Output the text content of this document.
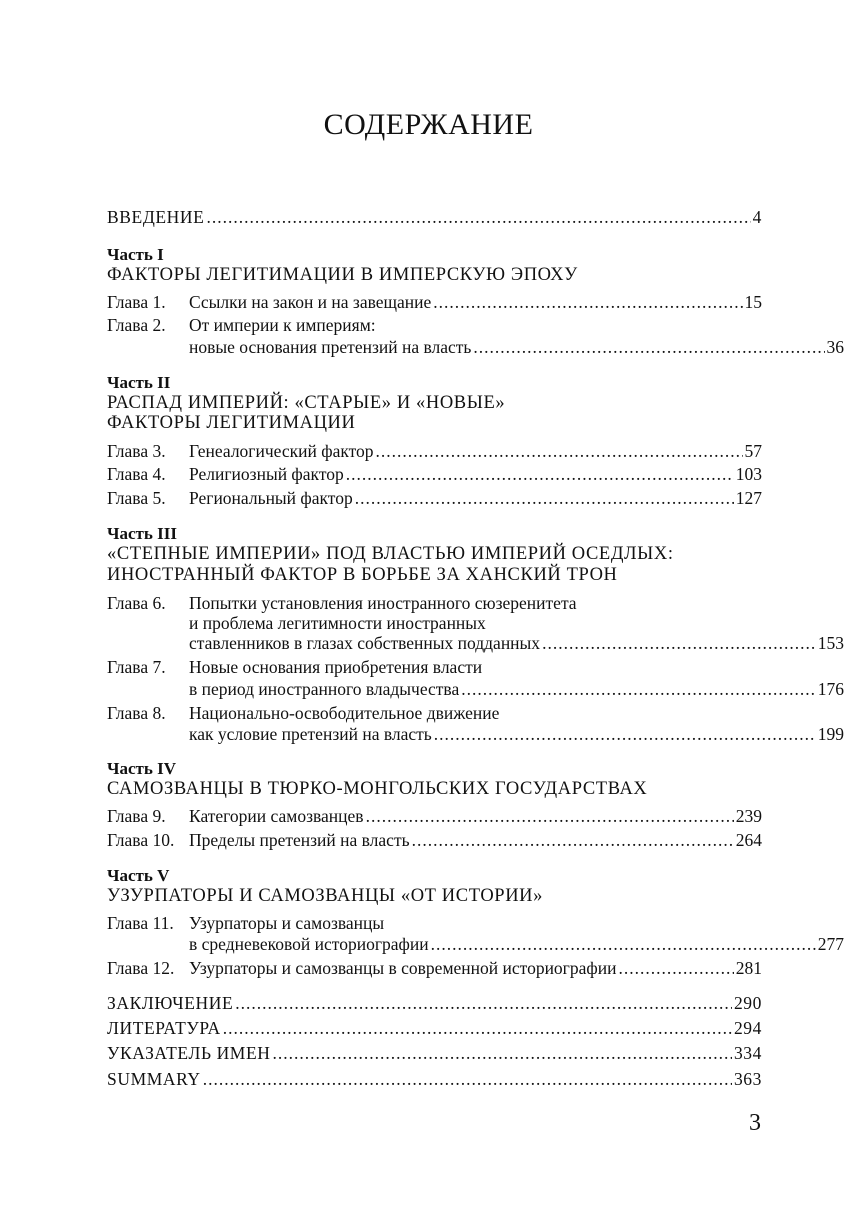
СОДЕРЖАНИЕ
ВВЕДЕНИЕ .....	4
Часть I
ФАКТОРЫ ЛЕГИТИМАЦИИ В ИМПЕРСКУЮ ЭПОХУ
Глава 1.	Ссылки на закон и на завещание .....	15
Глава 2.	От империи к империям:
новые основания претензий на власть .....	36
Часть II
РАСПАД ИМПЕРИЙ: «СТАРЫЕ» И «НОВЫЕ»
ФАКТОРЫ ЛЕГИТИМАЦИИ
Глава 3.	Генеалогический фактор .....	57
Глава 4.	Религиозный фактор .....	103
Глава 5.	Региональный фактор .....	127
Часть III
«СТЕПНЫЕ ИМПЕРИИ» ПОД ВЛАСТЬЮ ИМПЕРИЙ ОСЕДЛЫХ:
ИНОСТРАННЫЙ ФАКТОР В БОРЬБЕ ЗА ХАНСКИЙ ТРОН
Глава 6.	Попытки установления иностранного сюзеренитета
и проблема легитимности иностранных
ставленников в глазах собственных подданных .....	153
Глава 7.	Новые основания приобретения власти
в период иностранного владычества .....	176
Глава 8.	Национально-освободительное движение
как условие претензий на власть .....	199
Часть IV
САМОЗВАНЦЫ В ТЮРКО-МОНГОЛЬСКИХ ГОСУДАРСТВАХ
Глава 9.	Категории самозванцев .....	239
Глава 10. Пределы претензий на власть .....	264
Часть V
УЗУРПАТОРЫ И САМОЗВАНЦЫ «ОТ ИСТОРИИ»
Глава 11. Узурпаторы и самозванцы
в средневековой историографии .....	277
Глава 12. Узурпаторы и самозванцы в современной историографии .....	281
ЗАКЛЮЧЕНИЕ .....	290
ЛИТЕРАТУРА .....	294
УКАЗАТЕЛЬ ИМЕН .....	334
SUMMARY .....	363
3
